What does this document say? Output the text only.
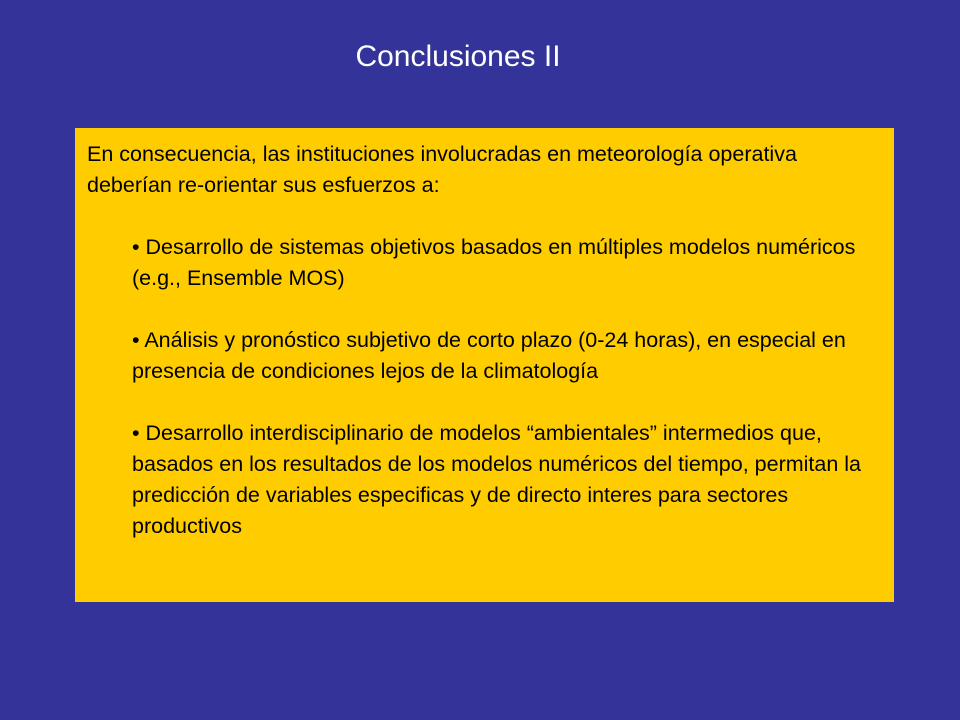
Conclusiones II

En consecuencia, las instituciones involucradas en meteorología operativa deberían re-orientar sus esfuerzos a:

• Desarrollo de sistemas objetivos basados en múltiples modelos numéricos (e.g., Ensemble MOS)
• Análisis y pronóstico subjetivo de corto plazo (0-24 horas), en especial en presencia de condiciones lejos de la climatología
• Desarrollo interdisciplinario de modelos “ambientales” intermedios que, basados en los resultados de los modelos numéricos del tiempo, permitan la predicción de variables especificas y de directo interes para sectores productivos
